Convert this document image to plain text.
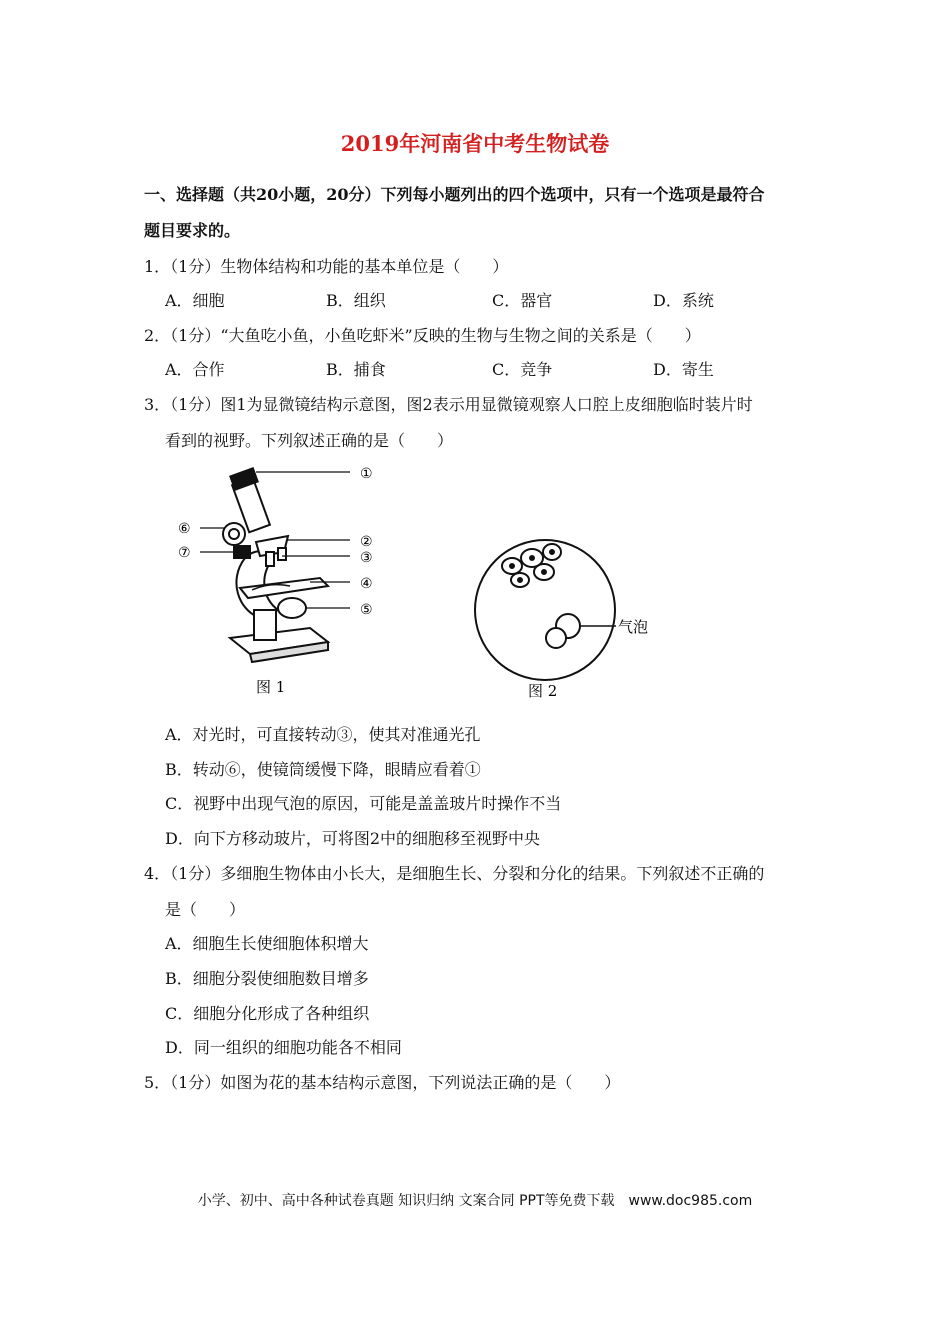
2019年河南省中考生物试卷
一、选择题（共20小题，20分）下列每小题列出的四个选项中，只有一个选项是最符合
题目要求的。
1．（1分）生物体结构和功能的基本单位是（　　）
A．细胞	B．组织	C．器官	D．系统
2．（1分）“大鱼吃小鱼，小鱼吃虾米”反映的生物与生物之间的关系是（　　）
A．合作	B．捕食	C．竞争	D．寄生
3．（1分）图1为显微镜结构示意图，图2表示用显微镜观察人口腔上皮细胞临时装片时
看到的视野。下列叙述正确的是（　　）
①
②
③
④
⑤
⑥
⑦
图 1
气泡
图 2
A．对光时，可直接转动③，使其对准通光孔
B．转动⑥，使镜筒缓慢下降，眼睛应看着①
C．视野中出现气泡的原因，可能是盖盖玻片时操作不当
D．向下方移动玻片，可将图2中的细胞移至视野中央
4．（1分）多细胞生物体由小长大，是细胞生长、分裂和分化的结果。下列叙述不正确的
是（　　）
A．细胞生长使细胞体积增大
B．细胞分裂使细胞数目增多
C．细胞分化形成了各种组织
D．同一组织的细胞功能各不相同
5．（1分）如图为花的基本结构示意图，下列说法正确的是（　　）
小学、初中、高中各种试卷真题 知识归纳 文案合同 PPT等免费下载　www.doc985.com
